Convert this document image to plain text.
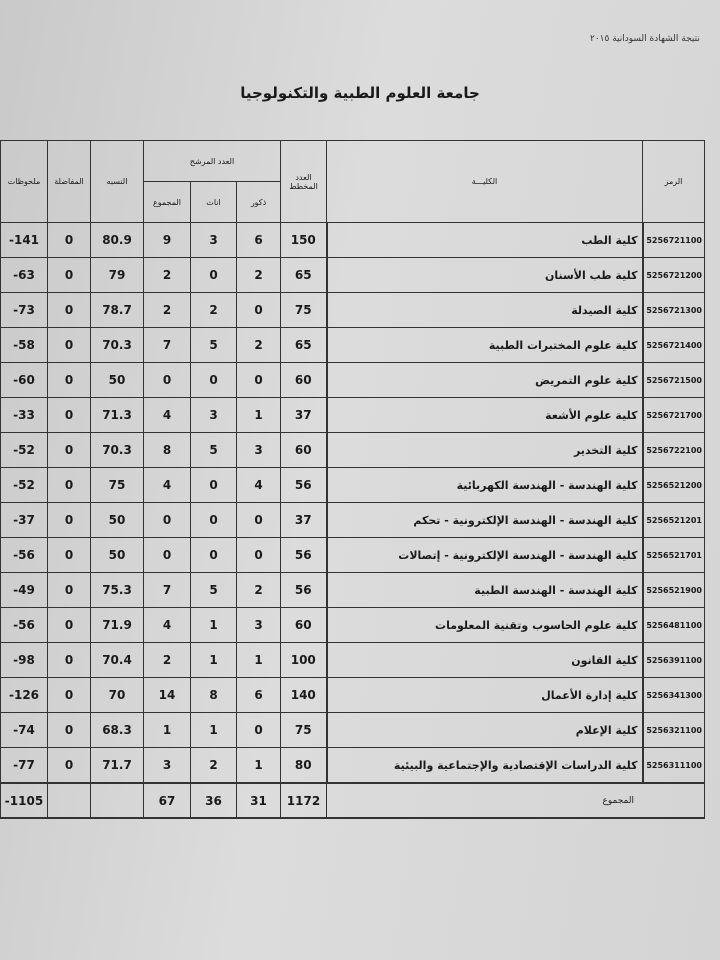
نتيجة الشهادة السودانية ٢٠١٥
جامعة العلوم الطبية والتكنولوجيا
الرمز	الكليـــة	العدد المخطط	العدد المرشح			النسبه	المفاضلة	ملحوظات
			ذكور	اناث	المجموع			
5256721100	كلية الطب	150	6	3	9	80.9	0	-141
5256721200	كلية طب الأسنان	65	2	0	2	79	0	-63
5256721300	كلية الصيدلة	75	0	2	2	78.7	0	-73
5256721400	كلية علوم المختبرات الطبية	65	2	5	7	70.3	0	-58
5256721500	كلية علوم التمريض	60	0	0	0	50	0	-60
5256721700	كلية علوم الأشعة	37	1	3	4	71.3	0	-33
5256722100	كلية التخدير	60	3	5	8	70.3	0	-52
5256521200	كلية الهندسة - الهندسة الكهربائية	56	4	0	4	75	0	-52
5256521201	كلية الهندسة - الهندسة الإلكترونية - تحكم	37	0	0	0	50	0	-37
5256521701	كلية الهندسة - الهندسة الإلكترونية - إتصالات	56	0	0	0	50	0	-56
5256521900	كلية الهندسة - الهندسة الطبية	56	2	5	7	75.3	0	-49
5256481100	كلية علوم الحاسوب وتقنية المعلومات	60	3	1	4	71.9	0	-56
5256391100	كلية القانون	100	1	1	2	70.4	0	-98
5256341300	كلية إدارة الأعمال	140	6	8	14	70	0	-126
5256321100	كلية الإعلام	75	0	1	1	68.3	0	-74
5256311100	كلية الدراسات الإقتصادية والإجتماعية والبيئية	80	1	2	3	71.7	0	-77
المجموع		1172	31	36	67			-1105
